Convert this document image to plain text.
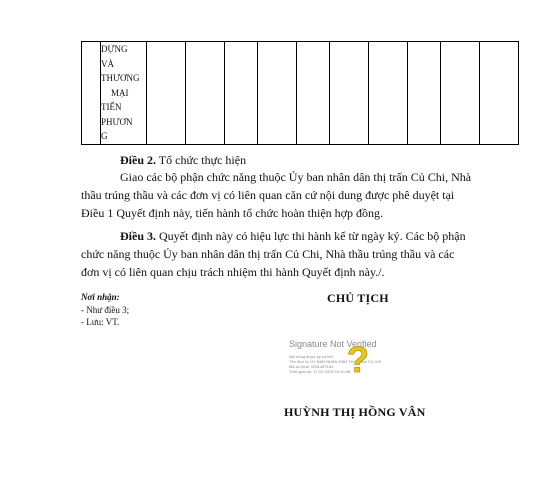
DỰNG
VÀ
THƯƠNG
MẠI
TIẾN
PHƯƠN
G

Điều 2. Tổ chức thực hiện
Giao các bộ phận chức năng thuộc Ủy ban nhân dân thị trấn Củ Chi, Nhà
thầu trúng thầu và các đơn vị có liên quan căn cứ nội dung được phê duyệt tại
Điều 1 Quyết định này, tiến hành tổ chức hoàn thiện hợp đồng.
Điều 3. Quyết định này có hiệu lực thi hành kể từ ngày ký. Các bộ phận
chức năng thuộc Ủy ban nhân dân thị trấn Củ Chi, Nhà thầu trúng thầu và các
đơn vị có liên quan chịu trách nhiệm thi hành Quyết định này./.
Nơi nhận:
- Như điều 3;
- Lưu: VT.
CHỦ TỊCH
Signature Not Verified
Nội dung được ký số bởi:
Tên đơn vị: ỦY BAN NHÂN DÂN THỊ TRẤN CỦ CHI
Mã số thuế: 0001457181
Thời gian ký: 17-02-2025 10:10:48
?
HUỲNH THỊ HỒNG VÂN
